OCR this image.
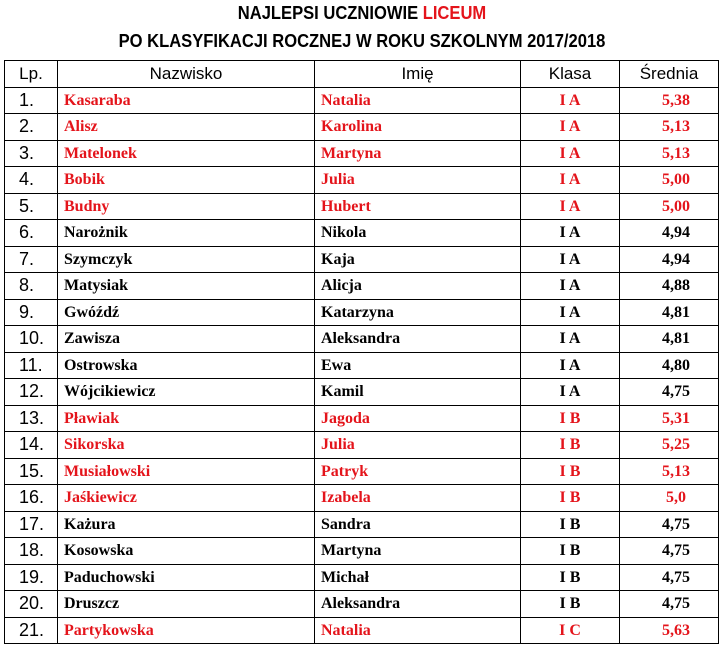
NAJLEPSI UCZNIOWIE LICEUM
PO KLASYFIKACJI ROCZNEJ W ROKU SZKOLNYM 2017/2018
Lp.	Nazwisko	Imię	Klasa	Średnia
1.	Kasaraba	Natalia	I A	5,38
2.	Alisz	Karolina	I A	5,13
3.	Matelonek	Martyna	I A	5,13
4.	Bobik	Julia	I A	5,00
5.	Budny	Hubert	I A	5,00
6.	Narożnik	Nikola	I A	4,94
7.	Szymczyk	Kaja	I A	4,94
8.	Matysiak	Alicja	I A	4,88
9.	Gwóźdź	Katarzyna	I A	4,81
10.	Zawisza	Aleksandra	I A	4,81
11.	Ostrowska	Ewa	I A	4,80
12.	Wójcikiewicz	Kamil	I A	4,75
13.	Pławiak	Jagoda	I B	5,31
14.	Sikorska	Julia	I B	5,25
15.	Musiałowski	Patryk	I B	5,13
16.	Jaśkiewicz	Izabela	I B	5,0
17.	Każura	Sandra	I B	4,75
18.	Kosowska	Martyna	I B	4,75
19.	Paduchowski	Michał	I B	4,75
20.	Druszcz	Aleksandra	I B	4,75
21.	Partykowska	Natalia	I C	5,63
